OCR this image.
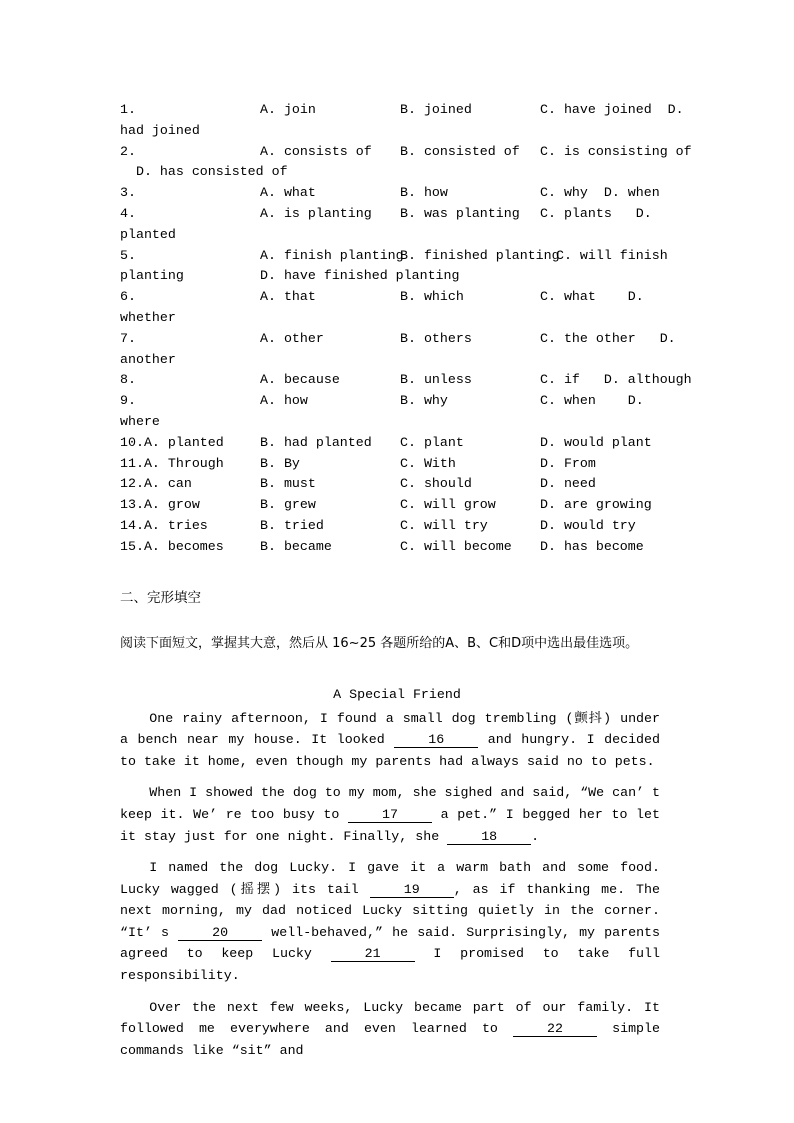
1.	A. join	B. joined	C. have joined  D.
had joined
2.	A. consists of B. consisted of C. is consisting of
D. has consisted of
3.	A. what	B. how	C. why  D. when
4.	A. is planting B. was planting C. plants   D.
planted
5.	A. finish plantingB. finished planting  C. will finish
planting	D. have finished planting
6.	A. that	B. which	C. what    D.
whether
7.	A. other	B. others	C. the other   D.
another
8.	A. because	B. unless	C. if   D. although
9.	A. how	B. why	C. when    D.
where
10.A. planted	B. had planted C. plant	D. would plant
11.A. Through	B. By	C. With	D. From
12.A. can	B. must	C. should	D. need
13.A. grow	B. grew	C. will grow	D. are growing
14.A. tries	B. tried	C. will try	D. would try
15.A. becomes	B. became	C. will become D. has become
二、完形填空
阅读下面短文，掌握其大意，然后从 16~25 各题所给的A、B、C和D项中选出最佳选项。
A Special Friend
One rainy afternoon, I found a small dog trembling (颤抖) under a bench near my house. It looked	16	and hungry. I decided to take it home, even though my parents had always said no to pets.
When I showed the dog to my mom, she sighed and said, “We can’ t keep it. We’ re too busy to	17	a pet.” I begged her to let it stay just for one night. Finally, she	18	.
I named the dog Lucky. I gave it a warm bath and some food. Lucky wagged (摇摆) its tail	19	, as if thanking me. The next morning, my dad noticed Lucky sitting quietly in the corner. “It’ s	20	well-behaved,” he said. Surprisingly, my parents agreed to keep Lucky	21	I promised to take full responsibility.
Over the next few weeks, Lucky became part of our family. It followed me everywhere and even learned to	22	simple commands like “sit” and
